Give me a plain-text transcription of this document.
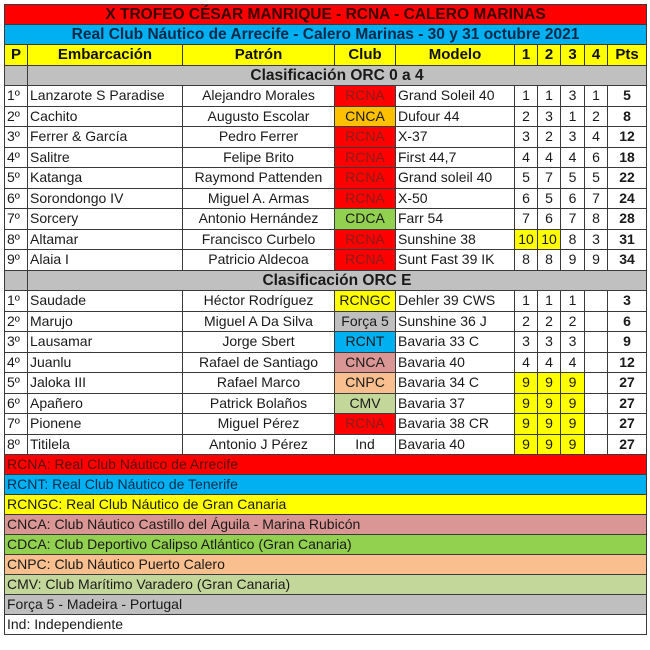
X TROFEO CÉSAR MANRIQUE - RCNA - CALERO MARINAS									
Real Club Náutico de Arrecife - Calero Marinas - 30 y 31 octubre 2021									
P	Embarcación	Patrón	Club	Modelo	1	2	3	4	Pts
	Clasificación ORC 0 a 4								
1º	Lanzarote S Paradise	Alejandro Morales	RCNA	Grand Soleil 40	1	1	3	1	5
2º	Cachito	Augusto Escolar	CNCA	Dufour 44	2	3	1	2	8
3º	Ferrer & García	Pedro Ferrer	RCNA	X-37	3	2	3	4	12
4º	Salitre	Felipe Brito	RCNA	First 44,7	4	4	4	6	18
5º	Katanga	Raymond Pattenden	RCNA	Grand soleil 40	5	7	5	5	22
6º	Sorondongo IV	Miguel A. Armas	RCNA	X-50	6	5	6	7	24
7º	Sorcery	Antonio Hernández	CDCA	Farr 54	7	6	7	8	28
8º	Altamar	Francisco Curbelo	RCNA	Sunshine 38	10	10	8	3	31
9º	Alaia I	Patricio Aldecoa	RCNA	Sunt Fast 39 IK	8	8	9	9	34
	Clasificación ORC E								
1º	Saudade	Héctor Rodríguez	RCNGC	Dehler 39 CWS	1	1	1		3
2º	Marujo	Miguel A Da Silva	Força 5	Sunshine 36 J	2	2	2		6
3º	Lausamar	Jorge Sbert	RCNT	Bavaria 33 C	3	3	3		9
4º	Juanlu	Rafael de Santiago	CNCA	Bavaria 40	4	4	4		12
5º	Jaloka III	Rafael Marco	CNPC	Bavaria 34 C	9	9	9		27
6º	Apañero	Patrick Bolaños	CMV	Bavaria 37	9	9	9		27
7º	Pionene	Miguel Pérez	RCNA	Bavaria 38 CR	9	9	9		27
8º	Titilela	Antonio J Pérez	Ind	Bavaria 40	9	9	9		27
RCNA: Real Club Náutico de Arrecife									
RCNT: Real Club Náutico de Tenerife									
RCNGC: Real Club Náutico de Gran Canaria									
CNCA: Club Náutico Castillo del Águila - Marina Rubicón									
CDCA: Club Deportivo Calipso Atlántico (Gran Canaria)									
CNPC: Club Náutico Puerto Calero									
CMV: Club Marítimo Varadero (Gran Canaria)									
Força 5 - Madeira - Portugal									
Ind: Independiente									
